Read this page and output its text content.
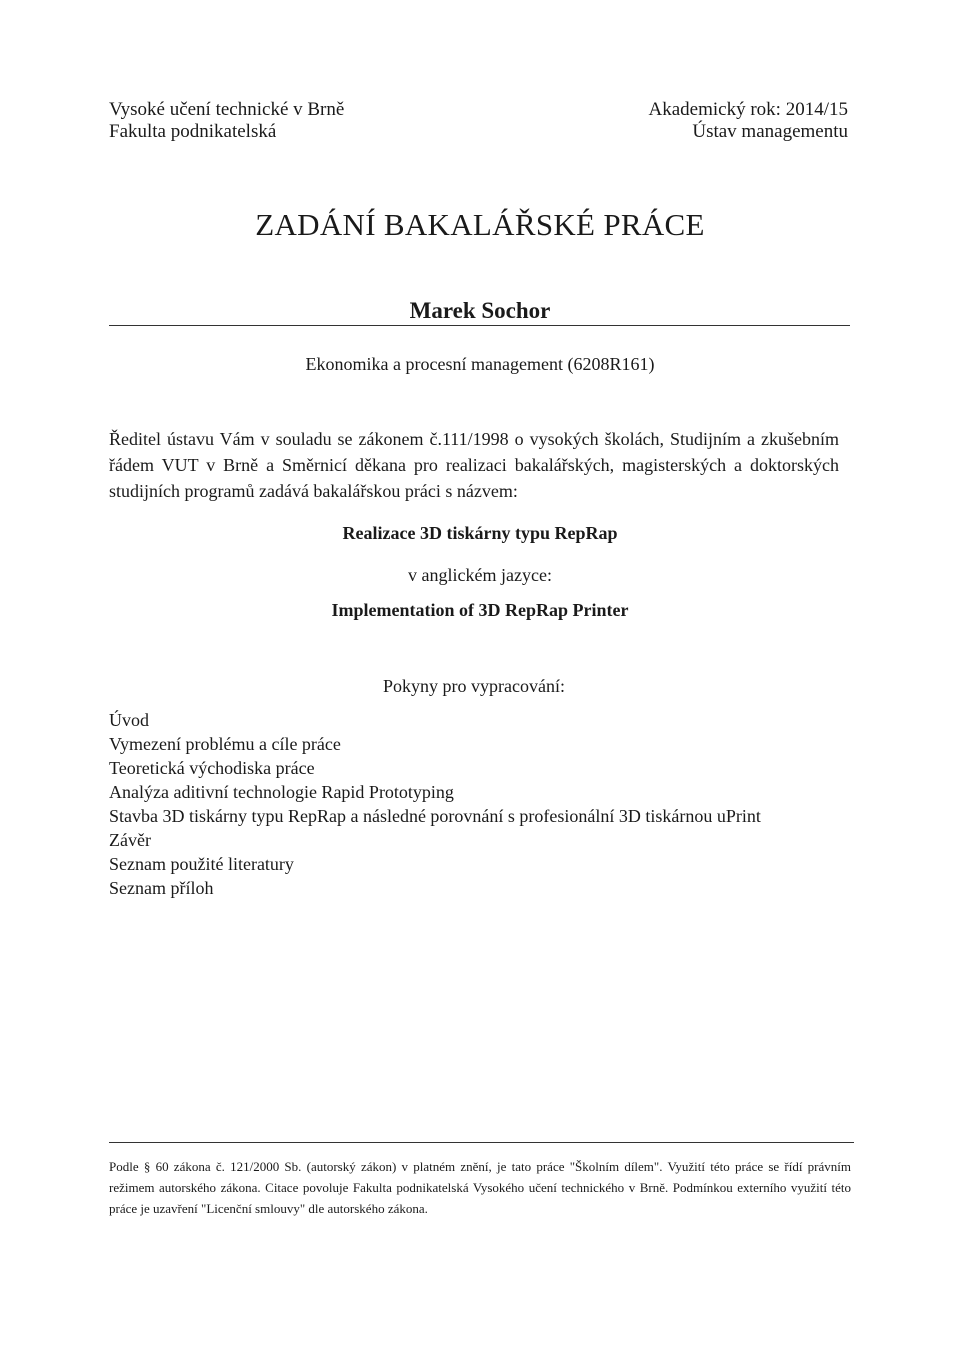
Vysoké učení technické v Brně
Fakulta podnikatelská
Akademický rok: 2014/15
Ústav managementu
ZADÁNÍ BAKALÁŘSKÉ PRÁCE
Marek Sochor
Ekonomika a procesní management (6208R161)
Ředitel ústavu Vám v souladu se zákonem č.111/1998 o vysokých školách, Studijním a zkušebním řádem VUT v Brně a Směrnicí děkana pro realizaci bakalářských, magisterských a doktorských studijních programů zadává bakalářskou práci s názvem:
Realizace 3D tiskárny typu RepRap
v anglickém jazyce:
Implementation of 3D RepRap Printer
Pokyny pro vypracování:
Úvod
Vymezení problému a cíle práce
Teoretická východiska práce
Analýza aditivní technologie Rapid Prototyping
Stavba 3D tiskárny typu RepRap a následné porovnání s profesionální 3D tiskárnou uPrint
Závěr
Seznam použité literatury
Seznam příloh
Podle § 60 zákona č. 121/2000 Sb. (autorský zákon) v platném znění, je tato práce "Školním dílem". Využití této práce se řídí právním režimem autorského zákona. Citace povoluje Fakulta podnikatelská Vysokého učení technického v Brně. Podmínkou externího využití této práce je uzavření "Licenční smlouvy" dle autorského zákona.
